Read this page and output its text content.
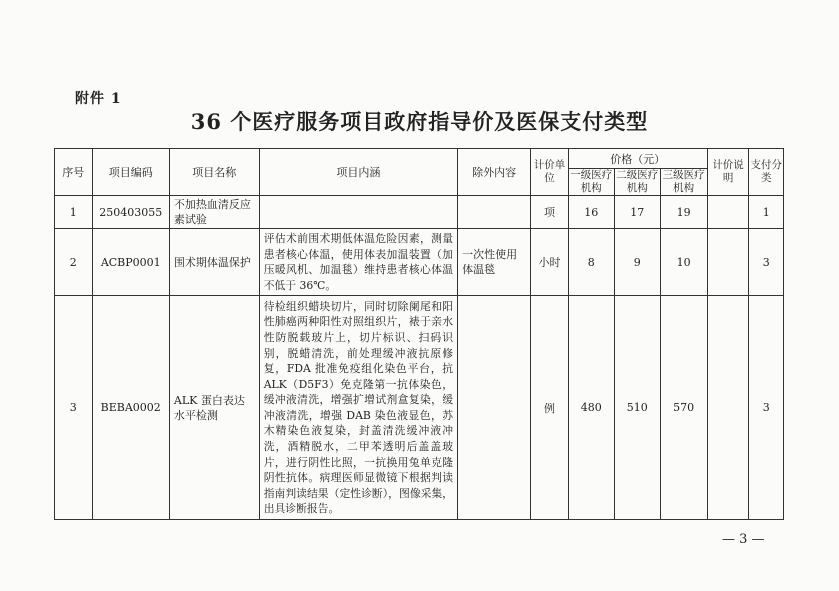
附件 1
36 个医疗服务项目政府指导价及医保支付类型
序号	项目编码	项目名称	项目内涵	除外内容	计价单位	价格（元）			计价说明	支付分类
						一级医疗机构	二级医疗机构	三级医疗机构		
1	250403055	不加热血清反应素试验			项	16	17	19		1
2	ACBP0001	围术期体温保护	评估术前围术期低体温危险因素，测量患者核心体温，使用体表加温装置（加压暖风机、加温毯）维持患者核心体温不低于 36℃。	一次性使用体温毯	小时	8	9	10		3
3	BEBA0002	ALK 蛋白表达水平检测	待检组织蜡块切片，同时切除阑尾和阳性肺癌两种阳性对照组织片，裱于亲水性防脱载玻片上，切片标识、扫码识别，脱蜡清洗，前处理缓冲液抗原修复，FDA 批准免疫组化染色平台，抗 ALK（D5F3）免克隆第一抗体染色，缓冲液清洗，增强扩增试剂盒复染，缓冲液清洗，增强 DAB 染色液显色，苏木精染色液复染，封盖清洗缓冲液冲洗，酒精脱水，二甲苯透明后盖盖玻片，进行阴性比照，一抗换用兔单克隆阴性抗体。病理医师显微镜下根据判读指南判读结果（定性诊断），图像采集，出具诊断报告。		例	480	510	570		3
— 3 —
